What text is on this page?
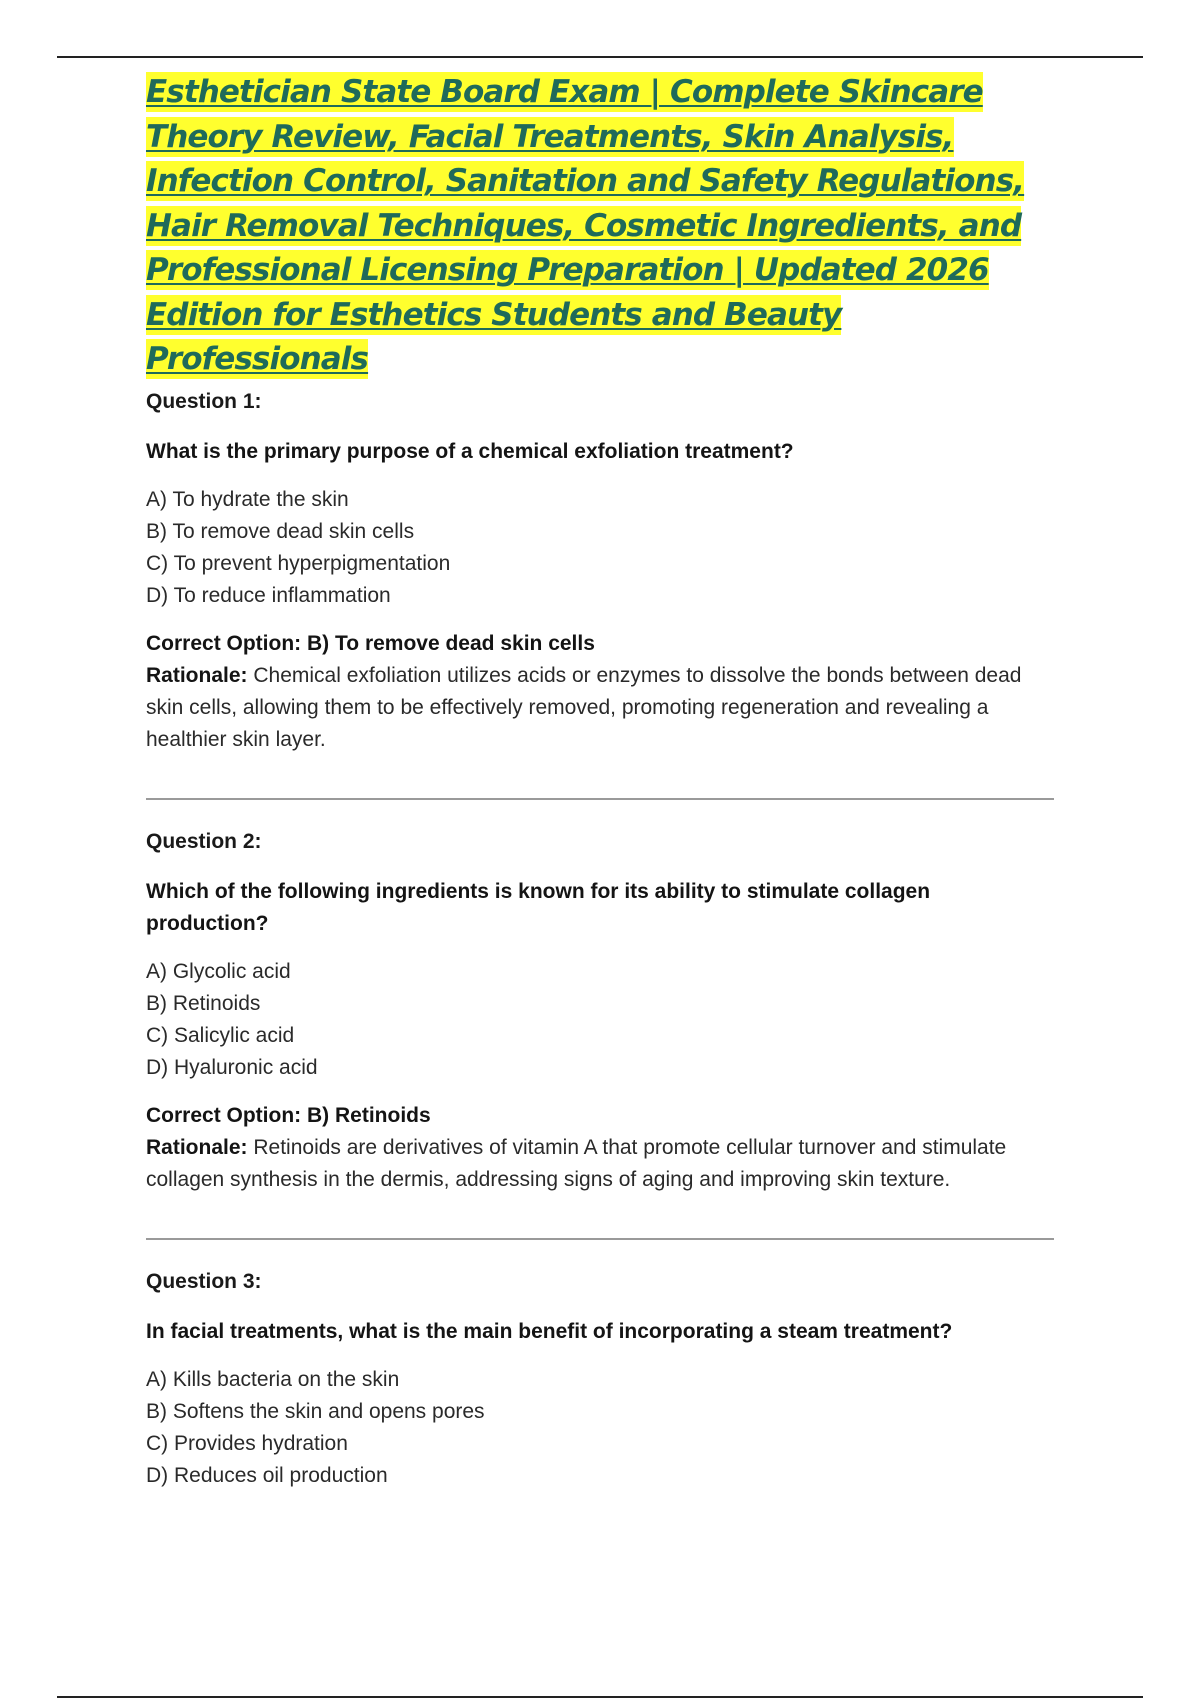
Esthetician State Board Exam | Complete Skincare Theory Review, Facial Treatments, Skin Analysis, Infection Control, Sanitation and Safety Regulations, Hair Removal Techniques, Cosmetic Ingredients, and Professional Licensing Preparation | Updated 2026 Edition for Esthetics Students and Beauty Professionals

Question 1:

What is the primary purpose of a chemical exfoliation treatment?

A) To hydrate the skin
B) To remove dead skin cells
C) To prevent hyperpigmentation
D) To reduce inflammation

Correct Option: B) To remove dead skin cells

Rationale: Chemical exfoliation utilizes acids or enzymes to dissolve the bonds between dead skin cells, allowing them to be effectively removed, promoting regeneration and revealing a healthier skin layer.

Question 2:

Which of the following ingredients is known for its ability to stimulate collagen production?

A) Glycolic acid
B) Retinoids
C) Salicylic acid
D) Hyaluronic acid

Correct Option: B) Retinoids

Rationale: Retinoids are derivatives of vitamin A that promote cellular turnover and stimulate collagen synthesis in the dermis, addressing signs of aging and improving skin texture.

Question 3:

In facial treatments, what is the main benefit of incorporating a steam treatment?

A) Kills bacteria on the skin
B) Softens the skin and opens pores
C) Provides hydration
D) Reduces oil production
